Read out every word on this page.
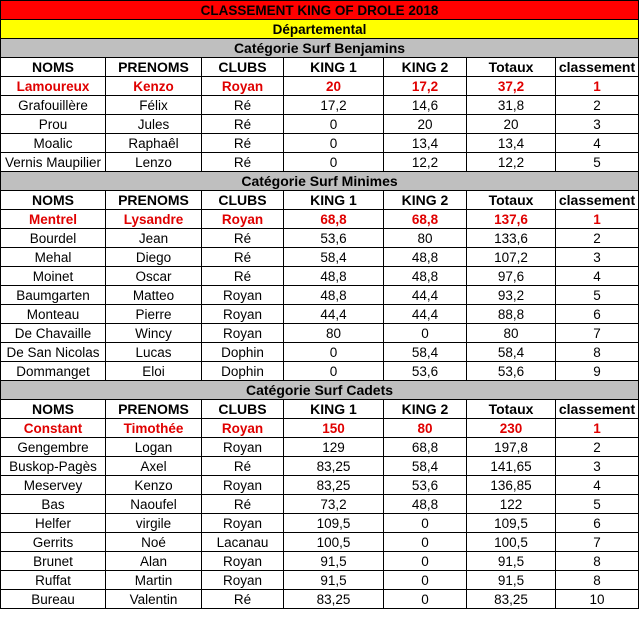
CLASSEMENT KING OF DROLE 2018						
Départemental						
Catégorie Surf Benjamins						
NOMS	PRENOMS	CLUBS	KING 1	KING 2	Totaux	classement
Lamoureux	Kenzo	Royan	20	17,2	37,2	1
Grafouillère	Félix	Ré	17,2	14,6	31,8	2
Prou	Jules	Ré	0	20	20	3
Moalic	Raphaêl	Ré	0	13,4	13,4	4
Vernis Maupilier	Lenzo	Ré	0	12,2	12,2	5
Catégorie Surf Minimes						
NOMS	PRENOMS	CLUBS	KING 1	KING 2	Totaux	classement
Mentrel	Lysandre	Royan	68,8	68,8	137,6	1
Bourdel	Jean	Ré	53,6	80	133,6	2
Mehal	Diego	Ré	58,4	48,8	107,2	3
Moinet	Oscar	Ré	48,8	48,8	97,6	4
Baumgarten	Matteo	Royan	48,8	44,4	93,2	5
Monteau	Pierre	Royan	44,4	44,4	88,8	6
De Chavaille	Wincy	Royan	80	0	80	7
De San Nicolas	Lucas	Dophin	0	58,4	58,4	8
Dommanget	Eloi	Dophin	0	53,6	53,6	9
Catégorie Surf Cadets						
NOMS	PRENOMS	CLUBS	KING 1	KING 2	Totaux	classement
Constant	Timothée	Royan	150	80	230	1
Gengembre	Logan	Royan	129	68,8	197,8	2
Buskop-Pagès	Axel	Ré	83,25	58,4	141,65	3
Meservey	Kenzo	Royan	83,25	53,6	136,85	4
Bas	Naoufel	Ré	73,2	48,8	122	5
Helfer	virgile	Royan	109,5	0	109,5	6
Gerrits	Noé	Lacanau	100,5	0	100,5	7
Brunet	Alan	Royan	91,5	0	91,5	8
Ruffat	Martin	Royan	91,5	0	91,5	8
Bureau	Valentin	Ré	83,25	0	83,25	10
